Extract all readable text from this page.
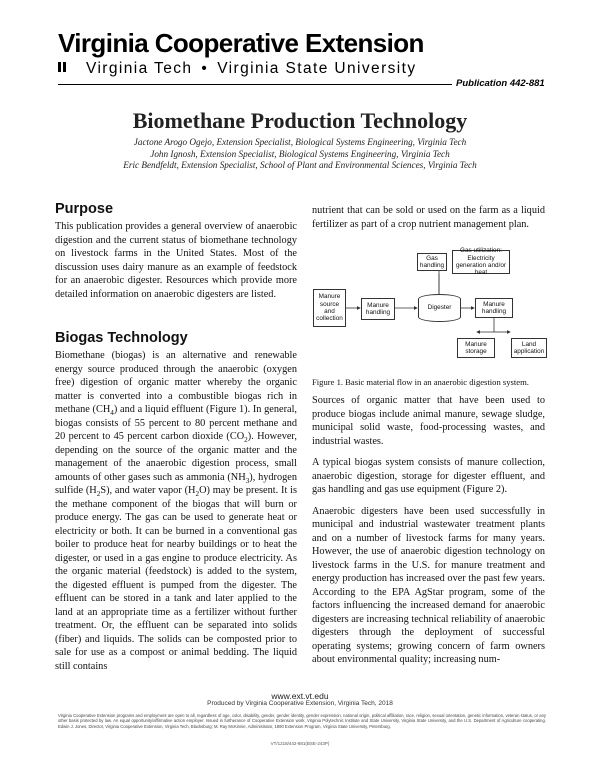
Virginia Cooperative Extension
Virginia Tech • Virginia State University
Publication 442-881
Biomethane Production Technology
Jactone Arogo Ogejo, Extension Specialist, Biological Systems Engineering, Virginia Tech
John Ignosh, Extension Specialist, Biological Systems Engineering, Virginia Tech
Eric Bendfeldt, Extension Specialist, School of Plant and Environmental Sciences, Virginia Tech
Purpose

This publication provides a general overview of anaerobic digestion and the current status of biomethane technology on livestock farms in the United States. Most of the discussion uses dairy manure as an example of feedstock for an anaerobic digester. Resources which provide more detailed information on anaerobic digesters are listed.

Biogas Technology

Biomethane (biogas) is an alternative and renewable energy source produced through the anaerobic (oxygen free) digestion of organic matter whereby the organic matter is converted into a combustible biogas rich in methane $(CH_4)$ and a liquid effluent (Figure 1). In general, biogas consists of 55 percent to 80 percent methane and 20 percent to 45 percent carbon dioxide $(CO_2)$. However, depending on the source of the organic matter and the management of the anaerobic digestion process, small amounts of other gases such as ammonia $(NH_3)$, hydrogen sulfide $(H_2S)$, and water vapor $(H_2O)$ may be present. It is the methane component of the biogas that will burn or produce energy. The gas can be used to generate heat or electricity or both. It can be burned in a conventional gas boiler to produce heat for nearby buildings or to heat the digester, or used in a gas engine to produce electricity. As the organic material (feedstock) is added to the system, the digested effluent is pumped from the digester. The effluent can be stored in a tank and later applied to the land at an appropriate time as a fertilizer without further treatment. Or, the effluent can be separated into solids (fiber) and liquids. The solids can be composted prior to sale for use as a compost or animal bedding. The liquid still contains

nutrient that can be sold or used on the farm as a liquid fertilizer as part of a crop nutrient management plan.

Gas handling
Gas utilization: Electricity generation and/or heat
Manure source and collection
Manure handling
Digester
Manure handling
Manure storage
Land application
Figure 1. Basic material flow in an anaerobic digestion system.

Sources of organic matter that have been used to produce biogas include animal manure, sewage sludge, municipal solid waste, food-processing wastes, and industrial wastes.

A typical biogas system consists of manure collection, anaerobic digestion, storage for digester effluent, and gas handling and gas use equipment (Figure 2).

Anaerobic digesters have been used successfully in municipal and industrial wastewater treatment plants and on a number of livestock farms for many years. However, the use of anaerobic digestion technology on livestock farms in the U.S. for manure treatment and energy production has increased over the past few years. According to the EPA AgStar program, some of the factors influencing the increased demand for anaerobic digesters are increasing technical reliability of anaerobic digesters through the deployment of successful operating systems; growing concern of farm owners about environmental quality; increasing num-

www.ext.vt.edu
Produced by Virginia Cooperative Extension, Virginia Tech, 2018
Virginia Cooperative Extension programs and employment are open to all, regardless of age, color, disability, gender, gender identity, gender expression, national origin, political affiliation, race, religion, sexual orientation, genetic information, veteran status, or any other basis protected by law. An equal opportunity/affirmative action employer. Issued in furtherance of Cooperative Extension work, Virginia Polytechnic Institute and State University, Virginia State University, and the U.S. Department of Agriculture cooperating. Edwin J. Jones, Director, Virginia Cooperative Extension, Virginia Tech, Blacksburg; M. Ray McKinnie, Administrator, 1890 Extension Program, Virginia State University, Petersburg.
VT/1218/442-881(BSE-243P)
